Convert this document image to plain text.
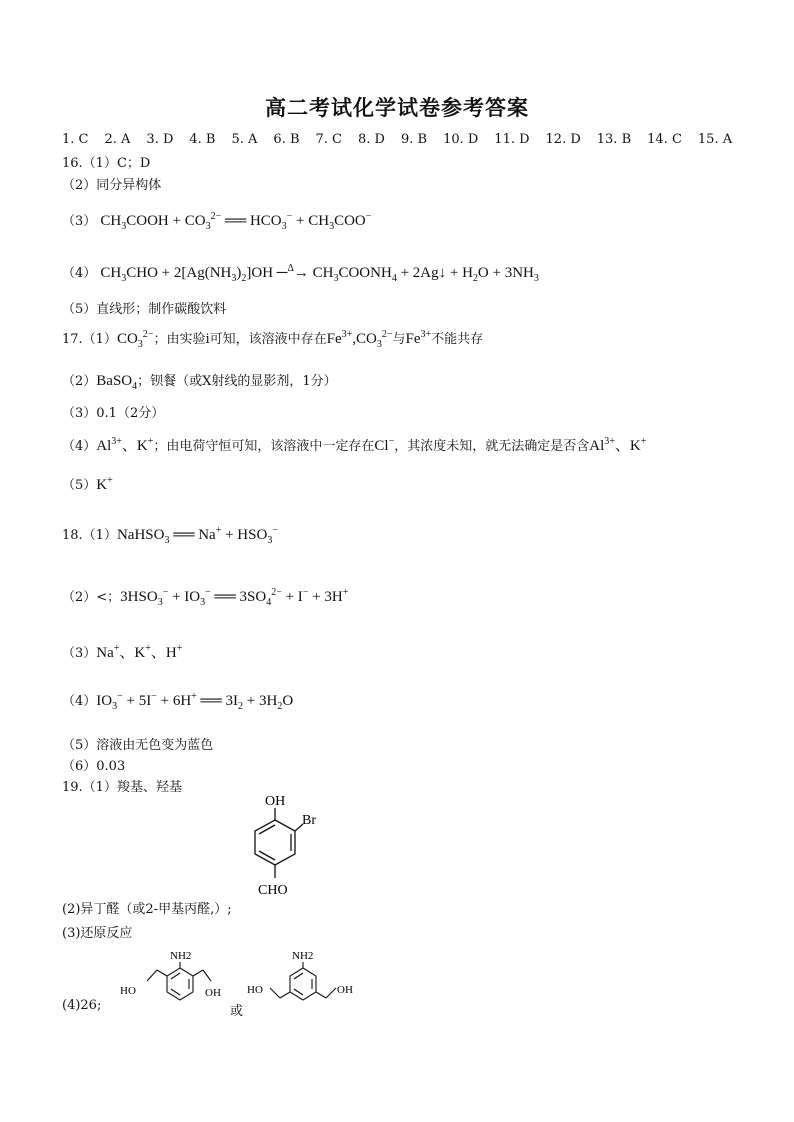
高二考试化学试卷参考答案
1. C 2. A 3. D 4. B 5. A 6. B 7. C 8. D 9. B 10. D 11. D 12. D 13. B 14. C 15. A
16.（1）C；D
（2）同分异构体
（3） $CH_3COOH + CO_3^{2-}$ ══ $HCO_3^- + CH_3COO^-$
（4） $CH_3CHO + 2[Ag(NH_3)_2]OH$ ─$^\Delta$→ $CH_3COONH_4$ + 2Ag↓ + $H_2O + 3NH_3$
（5）直线形；制作碳酸饮料
$17.(1)CO_3^{2-}$；由实验ⅰ可知，该溶液中存在$Fe^{3+},CO_3^{2-}$与$Fe^{3+}$不能共存
（2）BaSO$_4$；钡餐（或X射线的显影剂，1分）
（3）0.1（2分）
$(4)Al^{3+}$、K+；由电荷守恒可知，该溶液中一定存在Cl−，其浓度未知，就无法确定是否含$Al^{3+}$、K+
（5）K+
18.（1）NaHSO$_3$ ══ $Na^+ + HSO_3^-$
（2）<；$3HSO_3^- + IO_3^-$ ══ $3SO_4^{2-} + I^- + 3H^+$
（3）Na+、K+、H+
$(4)IO_3^- + 5I^- + 6H^+$ ══ $3I_2 + 3H_2O$
（5）溶液由无色变为蓝色
（6）0.03
19.（1）羧基、羟基
OH
Br
CHO
(2)异丁醛（或2-甲基丙醛,）;
(3)还原反应
(4)26;
NH2
HO	OH
或
NH2
HO	OH
